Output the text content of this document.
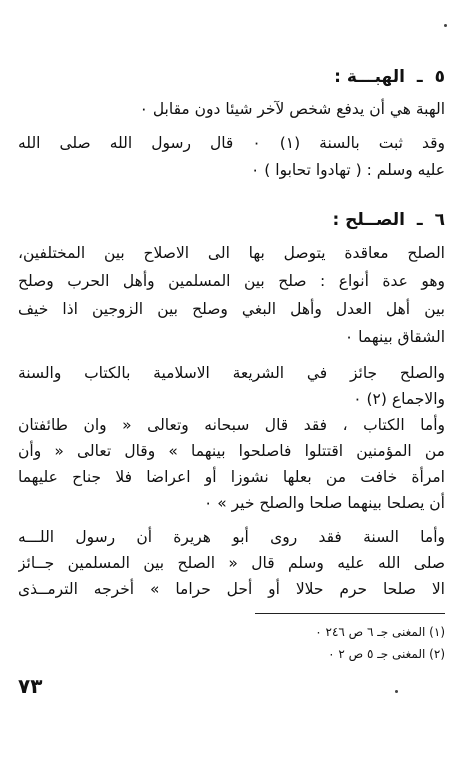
٥ ـ الهبـــة :
الهبة هي أن يدفع شخص لآخر شيئا دون مقابل ٠
وقد ثبت بالسنة (١) ٠ قال رسول الله صلى الله
عليه وسلم : ( تهادوا تحابوا ) ٠
٦ ـ الصــلح :
الصلح معاقدة يتوصل بها الى الاصلاح بين المختلفين،
وهو عدة أنواع : صلح بين المسلمين وأهل الحرب وصلح
بين أهل العدل وأهل البغي وصلح بين الزوجين اذا خيف
الشقاق بينهما ٠
والصلح جائز في الشريعة الاسلامية بالكتاب والسنة
والاجماع (٢) ٠
وأما الكتاب ، فقد قال سبحانه وتعالى « وان طائفتان
من المؤمنين اقتتلوا فاصلحوا بينهما » وقال تعالى « وأن
امرأة خافت من بعلها نشوزا أو اعراضا فلا جناح عليهما
أن يصلحا بينهما صلحا والصلح خير » ٠
وأما السنة فقد روى أبو هريرة أن رسول اللـــه
صلى الله عليه وسلم قال « الصلح بين المسلمين جــائز
الا صلحا حرم حلالا أو أحل حراما » أخرجه الترمــذى
(١) المغنى جـ ٦ ص ٢٤٦ ٠
(٢) المغنى جـ ٥ ص ٢ ٠
٧٣
